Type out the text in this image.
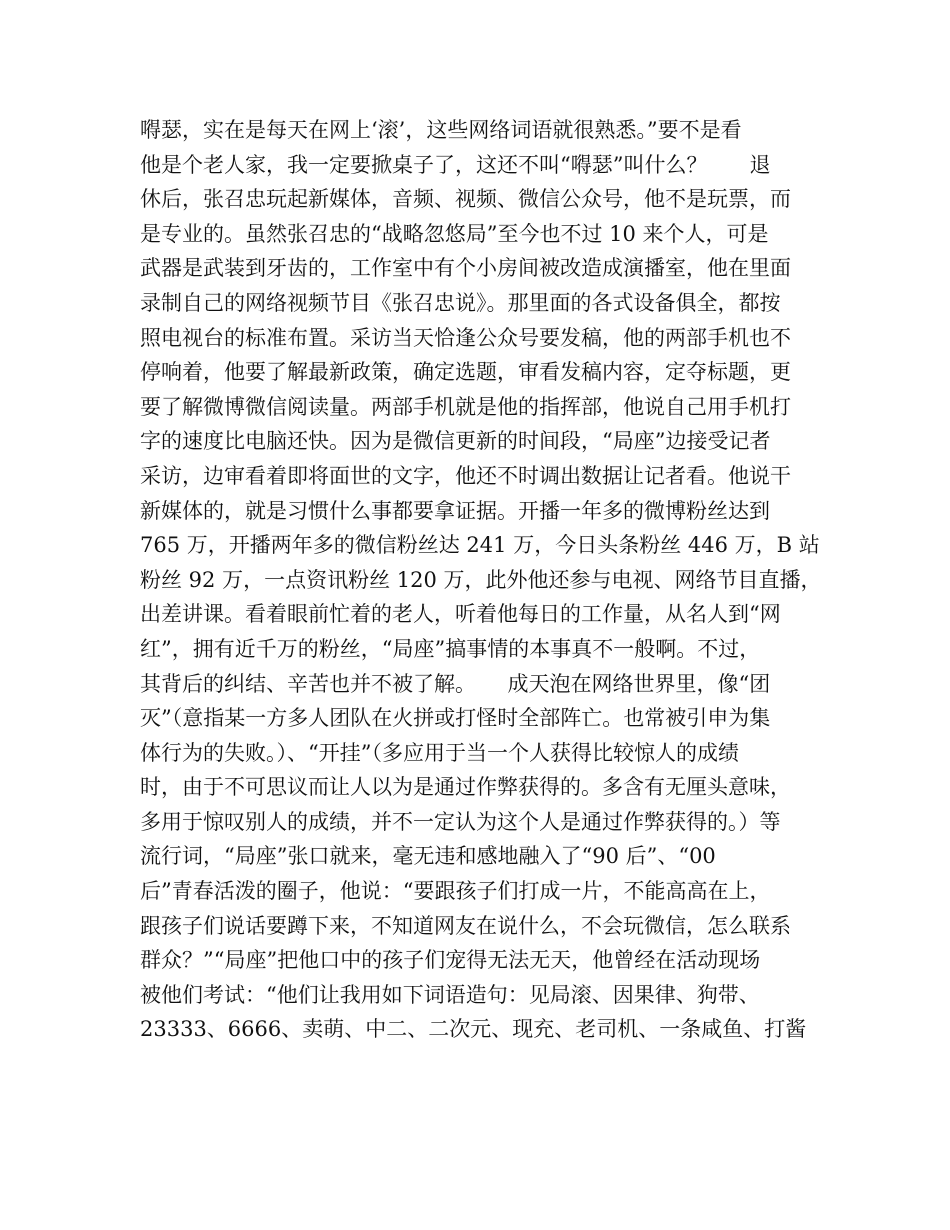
嘚瑟，实在是每天在网上‘滚’，这些网络词语就很熟悉。”要不是看
他是个老人家，我一定要掀桌子了，这还不叫“嘚瑟”叫什么？　　退
休后，张召忠玩起新媒体，音频、视频、微信公众号，他不是玩票，而
是专业的。虽然张召忠的“战略忽悠局”至今也不过 10 来个人，可是
武器是武装到牙齿的，工作室中有个小房间被改造成演播室，他在里面
录制自己的网络视频节目《张召忠说》。那里面的各式设备俱全，都按
照电视台的标准布置。采访当天恰逢公众号要发稿，他的两部手机也不
停响着，他要了解最新政策，确定选题，审看发稿内容，定夺标题，更
要了解微博微信阅读量。两部手机就是他的指挥部，他说自己用手机打
字的速度比电脑还快。因为是微信更新的时间段，“局座”边接受记者
采访，边审看着即将面世的文字，他还不时调出数据让记者看。他说干
新媒体的，就是习惯什么事都要拿证据。开播一年多的微博粉丝达到
765 万，开播两年多的微信粉丝达 241 万，今日头条粉丝 446 万，B 站
粉丝 92 万，一点资讯粉丝 120 万，此外他还参与电视、网络节目直播，
出差讲课。看着眼前忙着的老人，听着他每日的工作量，从名人到“网
红”，拥有近千万的粉丝，“局座”搞事情的本事真不一般啊。不过，
其背后的纠结、辛苦也并不被了解。　　成天泡在网络世界里，像“团
灭”（意指某一方多人团队在火拼或打怪时全部阵亡。也常被引申为集
体行为的失败。）、“开挂”（多应用于当一个人获得比较惊人的成绩
时，由于不可思议而让人以为是通过作弊获得的。多含有无厘头意味，
多用于惊叹别人的成绩，并不一定认为这个人是通过作弊获得的。）等
流行词，“局座”张口就来，毫无违和感地融入了“90 后”、“00
后”青春活泼的圈子，他说：“要跟孩子们打成一片，不能高高在上，
跟孩子们说话要蹲下来，不知道网友在说什么，不会玩微信，怎么联系
群众？”“局座”把他口中的孩子们宠得无法无天，他曾经在活动现场
被他们考试：“他们让我用如下词语造句：见局滚、因果律、狗带、
23333、6666、卖萌、中二、二次元、现充、老司机、一条咸鱼、打酱
